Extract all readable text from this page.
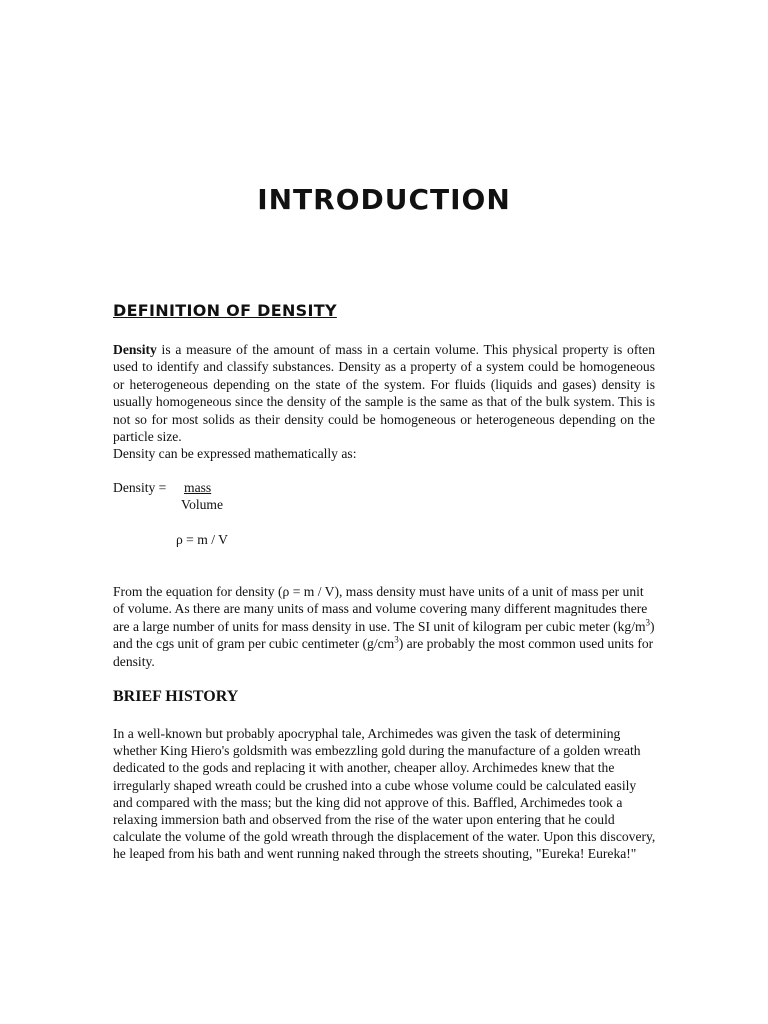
INTRODUCTION
DEFINITION OF DENSITY

Density is a measure of the amount of mass in a certain volume. This physical property is often used to identify and classify substances. Density as a property of a system could be homogeneous or heterogeneous depending on the state of the system. For fluids (liquids and gases) density is usually homogeneous since the density of the sample is the same as that of the bulk system. This is not so for most solids as their density could be homogeneous or heterogeneous depending on the particle size.

Density can be expressed mathematically as:

Density = mass
Volume
ρ = m / V

From the equation for density (ρ = m / V), mass density must have units of a unit of mass per unit of volume. As there are many units of mass and volume covering many different magnitudes there are a large number of units for mass density in use. The SI unit of kilogram per cubic meter $(kg/m^3)$ and the cgs unit of gram per cubic centimeter $(g/cm^3)$ are probably the most common used units for density.

BRIEF HISTORY

In a well-known but probably apocryphal tale, Archimedes was given the task of determining whether King Hiero's goldsmith was embezzling gold during the manufacture of a golden wreath dedicated to the gods and replacing it with another, cheaper alloy. Archimedes knew that the irregularly shaped wreath could be crushed into a cube whose volume could be calculated easily and compared with the mass; but the king did not approve of this. Baffled, Archimedes took a relaxing immersion bath and observed from the rise of the water upon entering that he could calculate the volume of the gold wreath through the displacement of the water. Upon this discovery, he leaped from his bath and went running naked through the streets shouting, "Eureka! Eureka!"
